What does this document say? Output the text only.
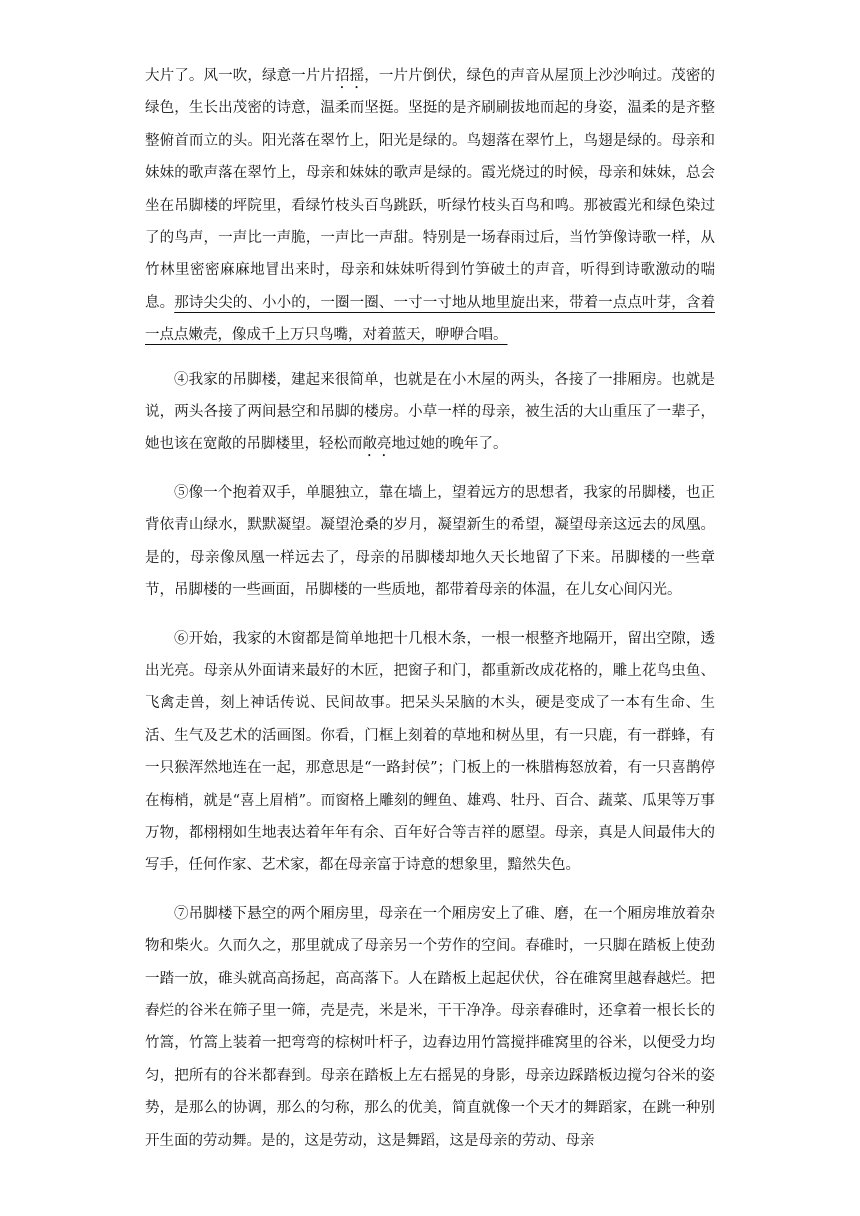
大片了。风一吹，绿意一片片招摇，一片片倒伏，绿色的声音从屋顶上沙沙响过。茂密的绿色，生长出茂密的诗意，温柔而坚挺。坚挺的是齐刷刷拔地而起的身姿，温柔的是齐整整俯首而立的头。阳光落在翠竹上，阳光是绿的。鸟翅落在翠竹上，鸟翅是绿的。母亲和妹妹的歌声落在翠竹上，母亲和妹妹的歌声是绿的。霞光烧过的时候，母亲和妹妹，总会坐在吊脚楼的坪院里，看绿竹枝头百鸟跳跃，听绿竹枝头百鸟和鸣。那被霞光和绿色染过了的鸟声，一声比一声脆，一声比一声甜。特别是一场春雨过后，当竹笋像诗歌一样，从竹林里密密麻麻地冒出来时，母亲和妹妹听得到竹笋破土的声音，听得到诗歌激动的喘息。那诗尖尖的、小小的，一圈一圈、一寸一寸地从地里旋出来，带着一点点叶芽，含着一点点嫩壳，像成千上万只鸟嘴，对着蓝天，咿咿合唱。

④我家的吊脚楼，建起来很简单，也就是在小木屋的两头，各接了一排厢房。也就是说，两头各接了两间悬空和吊脚的楼房。小草一样的母亲，被生活的大山重压了一辈子，她也该在宽敞的吊脚楼里，轻松而敞亮地过她的晚年了。

⑤像一个抱着双手，单腿独立，靠在墙上，望着远方的思想者，我家的吊脚楼，也正背依青山绿水，默默凝望。凝望沧桑的岁月，凝望新生的希望，凝望母亲这远去的凤凰。是的，母亲像凤凰一样远去了，母亲的吊脚楼却地久天长地留了下来。吊脚楼的一些章节，吊脚楼的一些画面，吊脚楼的一些质地，都带着母亲的体温，在儿女心间闪光。

⑥开始，我家的木窗都是简单地把十几根木条，一根一根整齐地隔开，留出空隙，透出光亮。母亲从外面请来最好的木匠，把窗子和门，都重新改成花格的，雕上花鸟虫鱼、飞禽走兽，刻上神话传说、民间故事。把呆头呆脑的木头，硬是变成了一本有生命、生活、生气及艺术的活画图。你看，门框上刻着的草地和树丛里，有一只鹿，有一群蜂，有一只猴浑然地连在一起，那意思是“一路封侯”；门板上的一株腊梅怒放着，有一只喜鹊停在梅梢，就是“喜上眉梢”。而窗格上雕刻的鲤鱼、雄鸡、牡丹、百合、蔬菜、瓜果等万事万物，都栩栩如生地表达着年年有余、百年好合等吉祥的愿望。母亲，真是人间最伟大的写手，任何作家、艺术家，都在母亲富于诗意的想象里，黯然失色。

⑦吊脚楼下悬空的两个厢房里，母亲在一个厢房安上了碓、磨，在一个厢房堆放着杂物和柴火。久而久之，那里就成了母亲另一个劳作的空间。春碓时，一只脚在踏板上使劲一踏一放，碓头就高高扬起，高高落下。人在踏板上起起伏伏，谷在碓窝里越舂越烂。把舂烂的谷米在筛子里一筛，壳是壳，米是米，干干净净。母亲舂碓时，还拿着一根长长的竹篙，竹篙上装着一把弯弯的棕树叶杆子，边舂边用竹篙搅拌碓窝里的谷米，以便受力均匀，把所有的谷米都舂到。母亲在踏板上左右摇晃的身影，母亲边踩踏板边搅匀谷米的姿势，是那么的协调，那么的匀称，那么的优美，简直就像一个天才的舞蹈家，在跳一种别开生面的劳动舞。是的，这是劳动，这是舞蹈，这是母亲的劳动、母亲
